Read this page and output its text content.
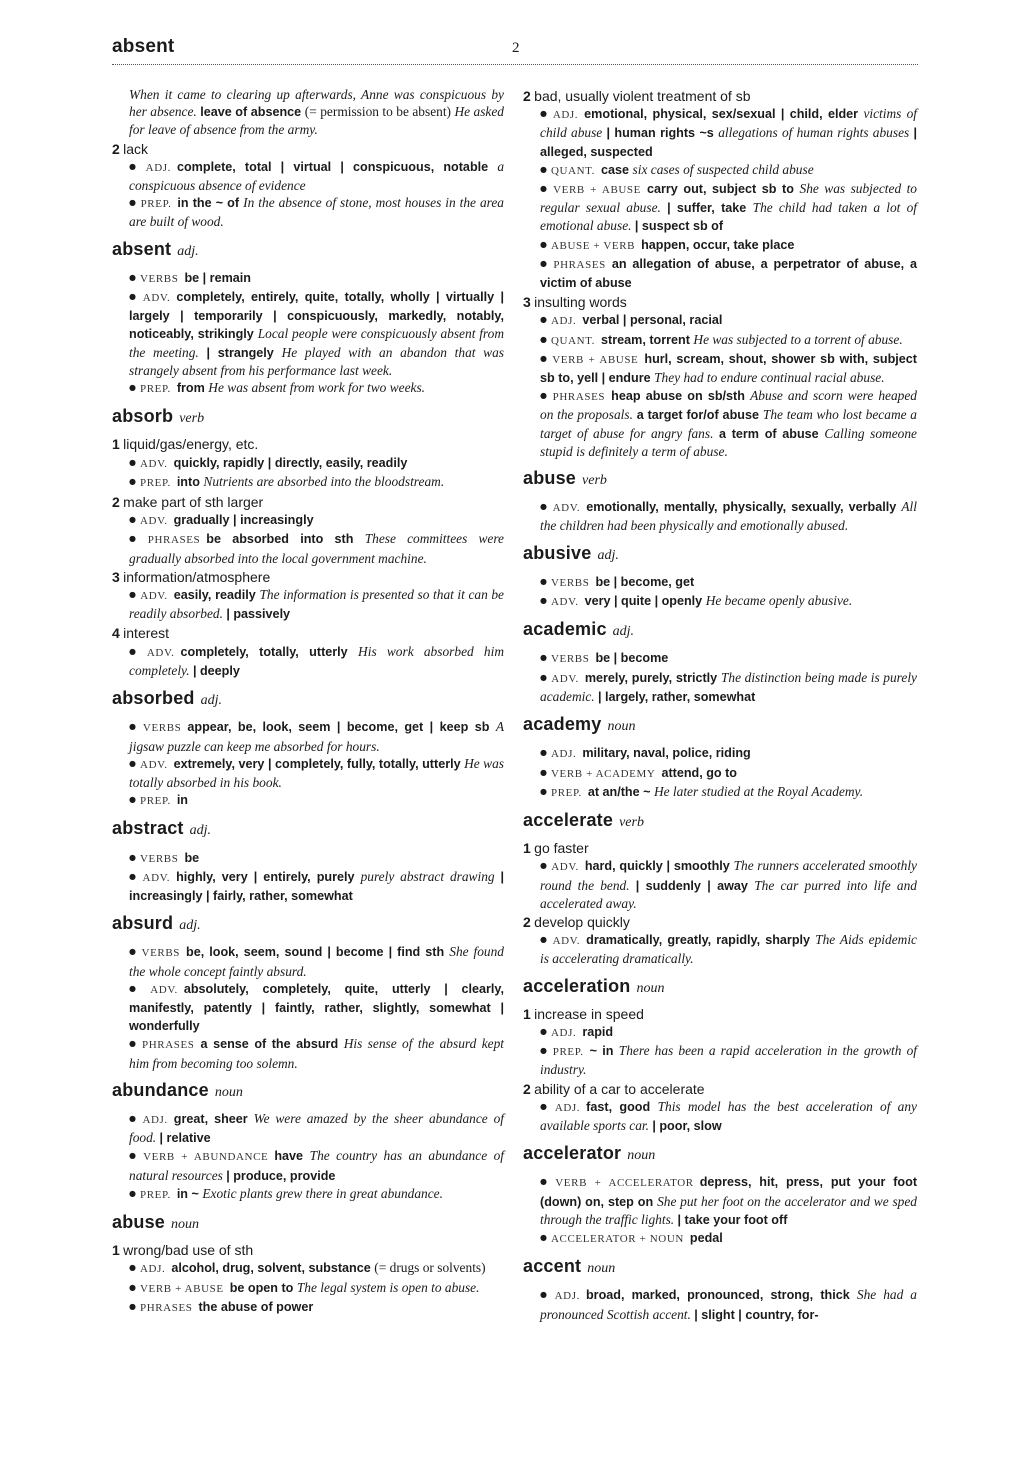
absent	2
When it came to clearing up afterwards, Anne was conspicuous by her absence. leave of absence (= permission to be absent) He asked for leave of absence from the army.
2 lack
● ADJ. complete, total | virtual | conspicuous, notable a conspicuous absence of evidence
● PREP. in the ~ of In the absence of stone, most houses in the area are built of wood.
absent adj.
● VERBS be | remain
● ADV. completely, entirely, quite, totally, wholly | virtually | largely | temporarily | conspicuously, markedly, notably, noticeably, strikingly Local people were conspicuously absent from the meeting. | strangely He played with an abandon that was strangely absent from his performance last week.
● PREP. from He was absent from work for two weeks.
absorb verb
1 liquid/gas/energy, etc.
● ADV. quickly, rapidly | directly, easily, readily
● PREP. into Nutrients are absorbed into the bloodstream.
2 make part of sth larger
● ADV. gradually | increasingly
● PHRASES be absorbed into sth These committees were gradually absorbed into the local government machine.
3 information/atmosphere
● ADV. easily, readily The information is presented so that it can be readily absorbed. | passively
4 interest
● ADV. completely, totally, utterly His work absorbed him completely. | deeply
absorbed adj.
● VERBS appear, be, look, seem | become, get | keep sb A jigsaw puzzle can keep me absorbed for hours.
● ADV. extremely, very | completely, fully, totally, utterly He was totally absorbed in his book.
● PREP. in
abstract adj.
● VERBS be
● ADV. highly, very | entirely, purely purely abstract drawing | increasingly | fairly, rather, somewhat
absurd adj.
● VERBS be, look, seem, sound | become | find sth She found the whole concept faintly absurd.
● ADV. absolutely, completely, quite, utterly | clearly, manifestly, patently | faintly, rather, slightly, somewhat | wonderfully
● PHRASES a sense of the absurd His sense of the absurd kept him from becoming too solemn.
abundance noun
● ADJ. great, sheer We were amazed by the sheer abundance of food. | relative
● VERB + ABUNDANCE have The country has an abundance of natural resources | produce, provide
● PREP. in ~ Exotic plants grew there in great abundance.
abuse noun
1 wrong/bad use of sth
● ADJ. alcohol, drug, solvent, substance (= drugs or solvents)
● VERB + ABUSE be open to The legal system is open to abuse.
● PHRASES the abuse of power
2 bad, usually violent treatment of sb
● ADJ. emotional, physical, sex/sexual | child, elder victims of child abuse | human rights ~s allegations of human rights abuses | alleged, suspected
● QUANT. case six cases of suspected child abuse
● VERB + ABUSE carry out, subject sb to She was subjected to regular sexual abuse. | suffer, take The child had taken a lot of emotional abuse. | suspect sb of
● ABUSE + VERB happen, occur, take place
● PHRASES an allegation of abuse, a perpetrator of abuse, a victim of abuse
3 insulting words
● ADJ. verbal | personal, racial
● QUANT. stream, torrent He was subjected to a torrent of abuse.
● VERB + ABUSE hurl, scream, shout, shower sb with, subject sb to, yell | endure They had to endure continual racial abuse.
● PHRASES heap abuse on sb/sth Abuse and scorn were heaped on the proposals. a target for/of abuse The team who lost became a target of abuse for angry fans. a term of abuse Calling someone stupid is definitely a term of abuse.
abuse verb
● ADV. emotionally, mentally, physically, sexually, verbally All the children had been physically and emotionally abused.
abusive adj.
● VERBS be | become, get
● ADV. very | quite | openly He became openly abusive.
academic adj.
● VERBS be | become
● ADV. merely, purely, strictly The distinction being made is purely academic. | largely, rather, somewhat
academy noun
● ADJ. military, naval, police, riding
● VERB + ACADEMY attend, go to
● PREP. at an/the ~ He later studied at the Royal Academy.
accelerate verb
1 go faster
● ADV. hard, quickly | smoothly The runners accelerated smoothly round the bend. | suddenly | away The car purred into life and accelerated away.
2 develop quickly
● ADV. dramatically, greatly, rapidly, sharply The Aids epidemic is accelerating dramatically.
acceleration noun
1 increase in speed
● ADJ. rapid
● PREP. ~ in There has been a rapid acceleration in the growth of industry.
2 ability of a car to accelerate
● ADJ. fast, good This model has the best acceleration of any available sports car. | poor, slow
accelerator noun
● VERB + ACCELERATOR depress, hit, press, put your foot (down) on, step on She put her foot on the accelerator and we sped through the traffic lights. | take your foot off
● ACCELERATOR + NOUN pedal
accent noun
● ADJ. broad, marked, pronounced, strong, thick She had a pronounced Scottish accent. | slight | country, for-
